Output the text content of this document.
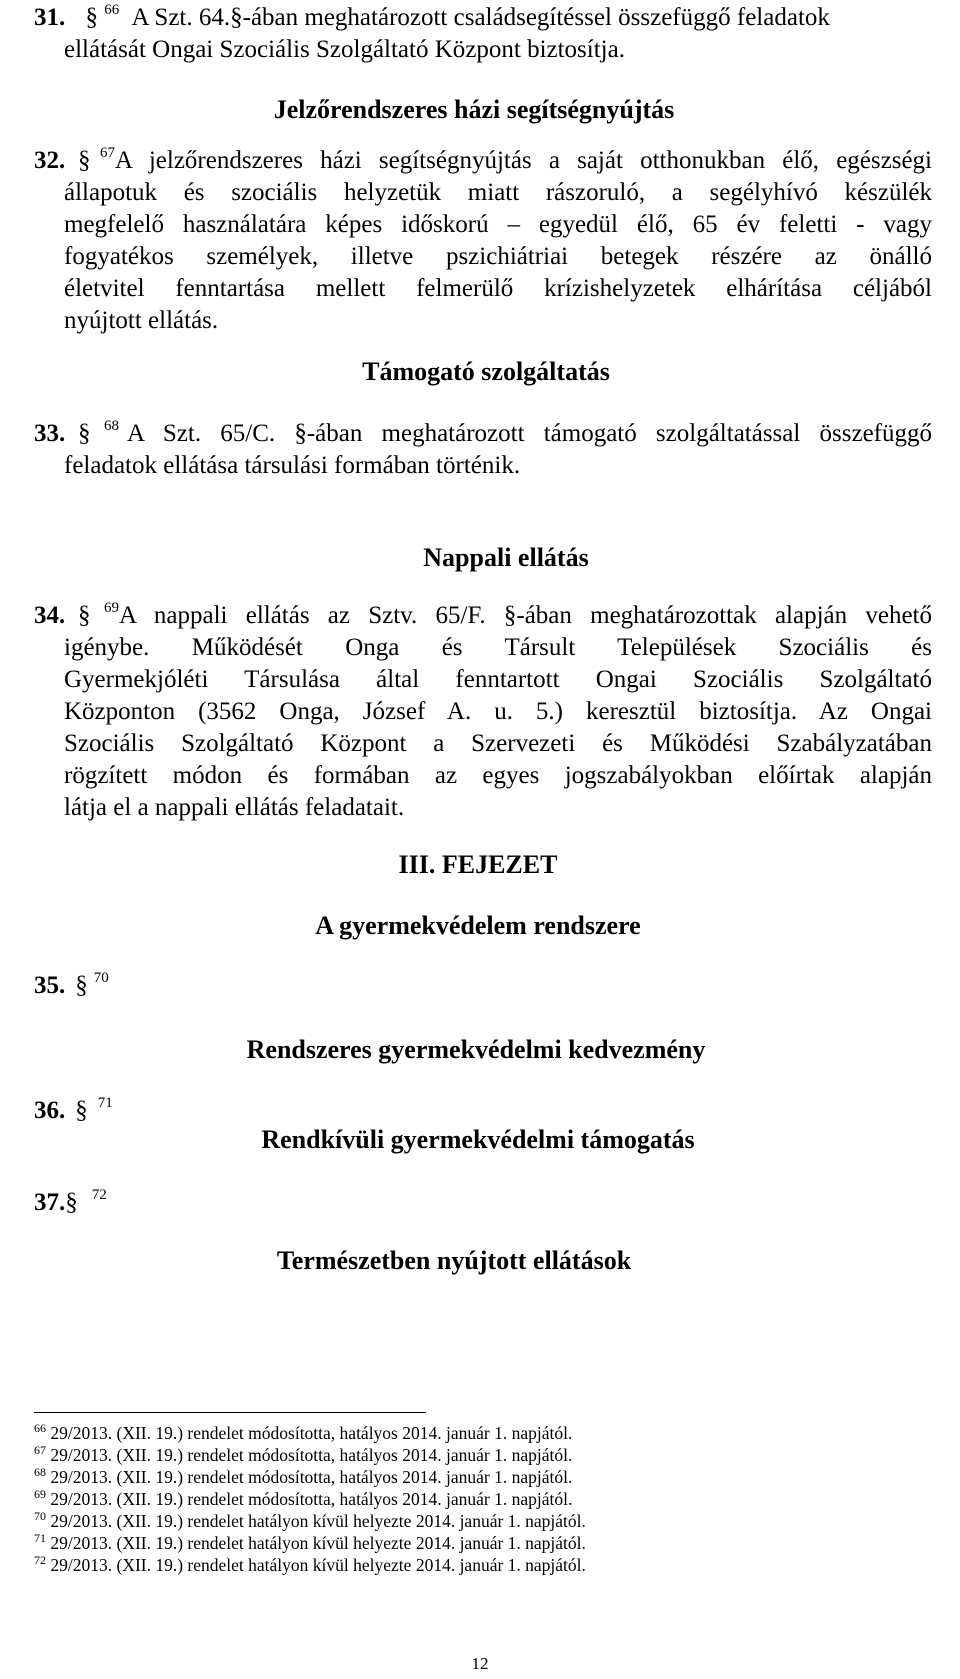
31. § $^{66}$ A Szt. 64.§-ában meghatározott családsegítéssel összefüggő feladatok
ellátását Ongai Szociális Szolgáltató Központ biztosítja.
Jelzőrendszeres házi segítségnyújtás
32. § $^{67}$A jelzőrendszeres házi segítségnyújtás a saját otthonukban élő, egészségi
állapotuk és szociális helyzetük miatt rászoruló, a segélyhívó készülék
megfelelő használatára képes időskorú – egyedül élő, 65 év feletti - vagy
fogyatékos személyek, illetve pszichiátriai betegek részére az önálló
életvitel fenntartása mellett felmerülő krízishelyzetek elhárítása céljából
nyújtott ellátás.
Támogató szolgáltatás
33. § $^{68}$ A Szt. 65/C. §-ában meghatározott támogató szolgáltatással összefüggő
feladatok ellátása társulási formában történik.
Nappali ellátás
34. § $^{69}$A nappali ellátás az Sztv. 65/F. §-ában meghatározottak alapján vehető
igénybe. Működését Onga és Társult Települések Szociális és
Gyermekjóléti Társulása által fenntartott Ongai Szociális Szolgáltató
Központon (3562 Onga, József A. u. 5.) keresztül biztosítja. Az Ongai
Szociális Szolgáltató Központ a Szervezeti és Működési Szabályzatában
rögzített módon és formában az egyes jogszabályokban előírtak alapján
látja el a nappali ellátás feladatait.
III. FEJEZET
A gyermekvédelem rendszere
35. § $^{70}$
Rendszeres gyermekvédelmi kedvezmény
36. § $^{71}$
Rendkívüli gyermekvédelmi támogatás
37.§ $^{72}$
Természetben nyújtott ellátások
$^{66}$ 29/2013. (XII. 19.) rendelet módosította, hatályos 2014. január 1. napjától.
$^{67}$ 29/2013. (XII. 19.) rendelet módosította, hatályos 2014. január 1. napjától.
$^{68}$ 29/2013. (XII. 19.) rendelet módosította, hatályos 2014. január 1. napjától.
$^{69}$ 29/2013. (XII. 19.) rendelet módosította, hatályos 2014. január 1. napjától.
$^{70}$ 29/2013. (XII. 19.) rendelet hatályon kívül helyezte 2014. január 1. napjától.
$^{71}$ 29/2013. (XII. 19.) rendelet hatályon kívül helyezte 2014. január 1. napjától.
$^{72}$ 29/2013. (XII. 19.) rendelet hatályon kívül helyezte 2014. január 1. napjától.
12
